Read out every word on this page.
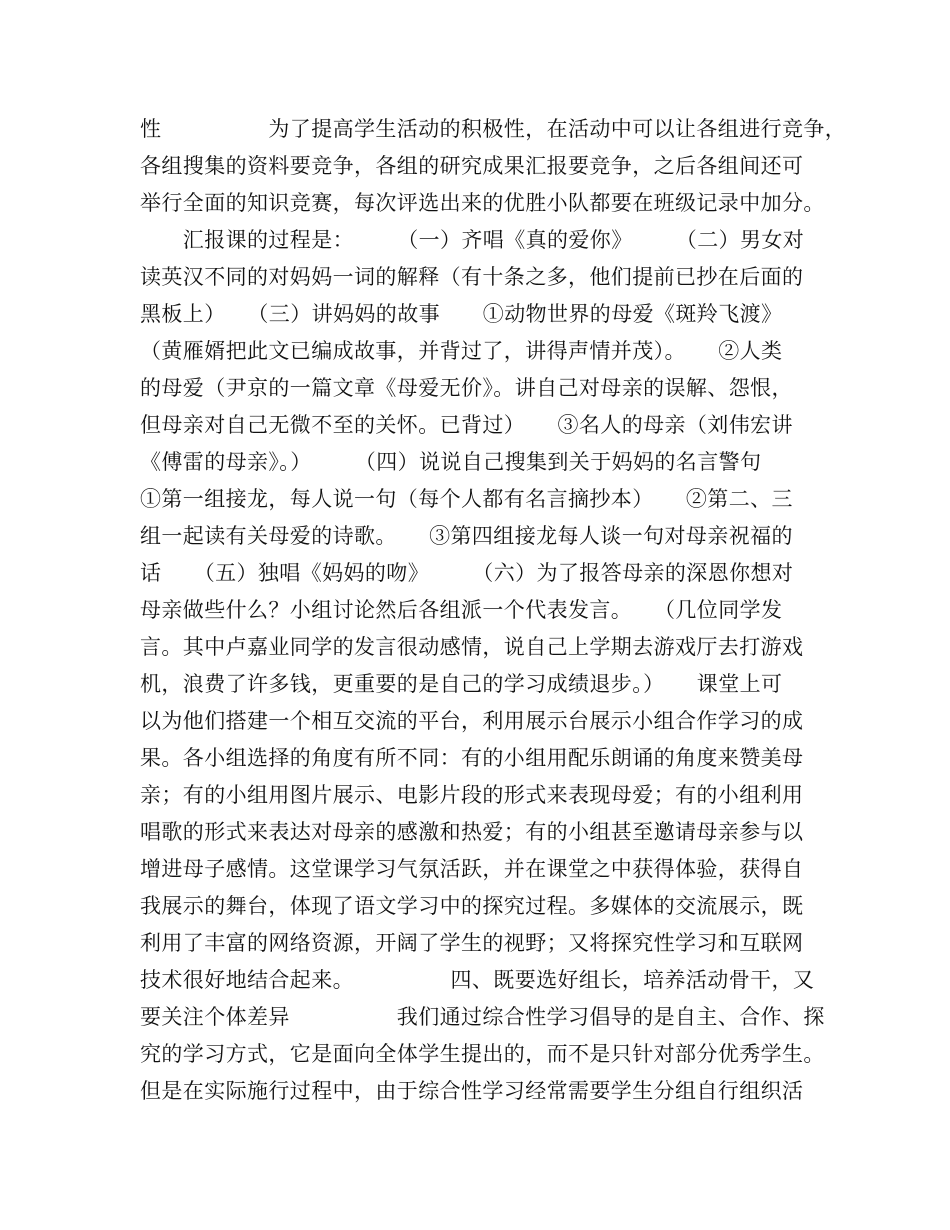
性　　　　　为了提高学生活动的积极性，在活动中可以让各组进行竞争，
各组搜集的资料要竞争，各组的研究成果汇报要竞争，之后各组间还可
举行全面的知识竞赛，每次评选出来的优胜小队都要在班级记录中加分。
　　汇报课的过程是：　　　（一）齐唱《真的爱你》　　　（二）男女对
读英汉不同的对妈妈一词的解释（有十条之多，他们提前已抄在后面的
黑板上）　　（三）讲妈妈的故事　　①动物世界的母爱《斑羚飞渡》
（黄雁婿把此文已编成故事，并背过了，讲得声情并茂）。　　②人类
的母爱（尹京的一篇文章《母爱无价》。讲自己对母亲的误解、怨恨，
但母亲对自己无微不至的关怀。已背过）　　③名人的母亲（刘伟宏讲
《傅雷的母亲》。）　　　（四）说说自己搜集到关于妈妈的名言警句
①第一组接龙，每人说一句（每个人都有名言摘抄本）　　②第二、三
组一起读有关母爱的诗歌。　　③第四组接龙每人谈一句对母亲祝福的
话　　（五）独唱《妈妈的吻》　　　（六）为了报答母亲的深恩你想对
母亲做些什么？小组讨论然后各组派一个代表发言。　　（几位同学发
言。其中卢嘉业同学的发言很动感情，说自己上学期去游戏厅去打游戏
机，浪费了许多钱，更重要的是自己的学习成绩退步。）　　课堂上可
以为他们搭建一个相互交流的平台，利用展示台展示小组合作学习的成
果。各小组选择的角度有所不同：有的小组用配乐朗诵的角度来赞美母
亲；有的小组用图片展示、电影片段的形式来表现母爱；有的小组利用
唱歌的形式来表达对母亲的感激和热爱；有的小组甚至邀请母亲参与以
增进母子感情。这堂课学习气氛活跃，并在课堂之中获得体验，获得自
我展示的舞台，体现了语文学习中的探究过程。多媒体的交流展示，既
利用了丰富的网络资源，开阔了学生的视野；又将探究性学习和互联网
技术很好地结合起来。　　　　　四、既要选好组长，培养活动骨干，又
要关注个体差异　　　　　我们通过综合性学习倡导的是自主、合作、探
究的学习方式，它是面向全体学生提出的，而不是只针对部分优秀学生。
但是在实际施行过程中，由于综合性学习经常需要学生分组自行组织活
